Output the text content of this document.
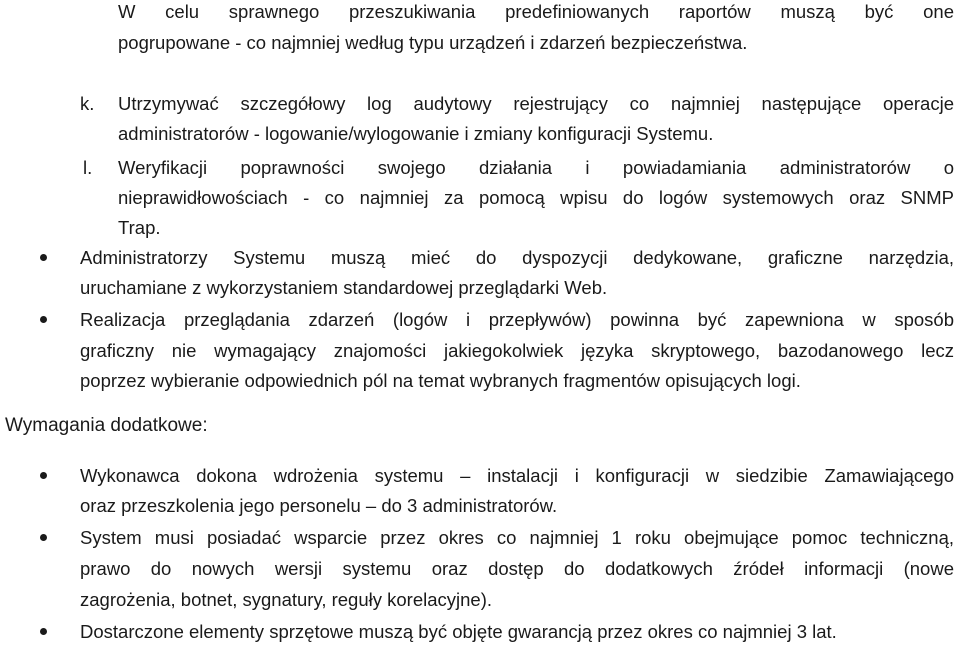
W celu sprawnego przeszukiwania predefiniowanych raportów muszą być one
pogrupowane - co najmniej według typu urządzeń i zdarzeń bezpieczeństwa.
k. Utrzymywać szczegółowy log audytowy rejestrujący co najmniej następujące operacje
administratorów - logowanie/wylogowanie i zmiany konfiguracji Systemu.
l. Weryfikacji poprawności swojego działania i powiadamiania administratorów o
nieprawidłowościach - co najmniej za pomocą wpisu do logów systemowych oraz SNMP
Trap.
Administratorzy Systemu muszą mieć do dyspozycji dedykowane, graficzne narzędzia,
uruchamiane z wykorzystaniem standardowej przeglądarki Web.
Realizacja przeglądania zdarzeń (logów i przepływów) powinna być zapewniona w sposób
graficzny nie wymagający znajomości jakiegokolwiek języka skryptowego, bazodanowego lecz
poprzez wybieranie odpowiednich pól na temat wybranych fragmentów opisujących logi.
Wymagania dodatkowe:
Wykonawca dokona wdrożenia systemu – instalacji i konfiguracji w siedzibie Zamawiającego
oraz przeszkolenia jego personelu – do 3 administratorów.
System musi posiadać wsparcie przez okres co najmniej 1 roku obejmujące pomoc techniczną,
prawo do nowych wersji systemu oraz dostęp do dodatkowych źródeł informacji (nowe
zagrożenia, botnet, sygnatury, reguły korelacyjne).
Dostarczone elementy sprzętowe muszą być objęte gwarancją przez okres co najmniej 3 lat.
